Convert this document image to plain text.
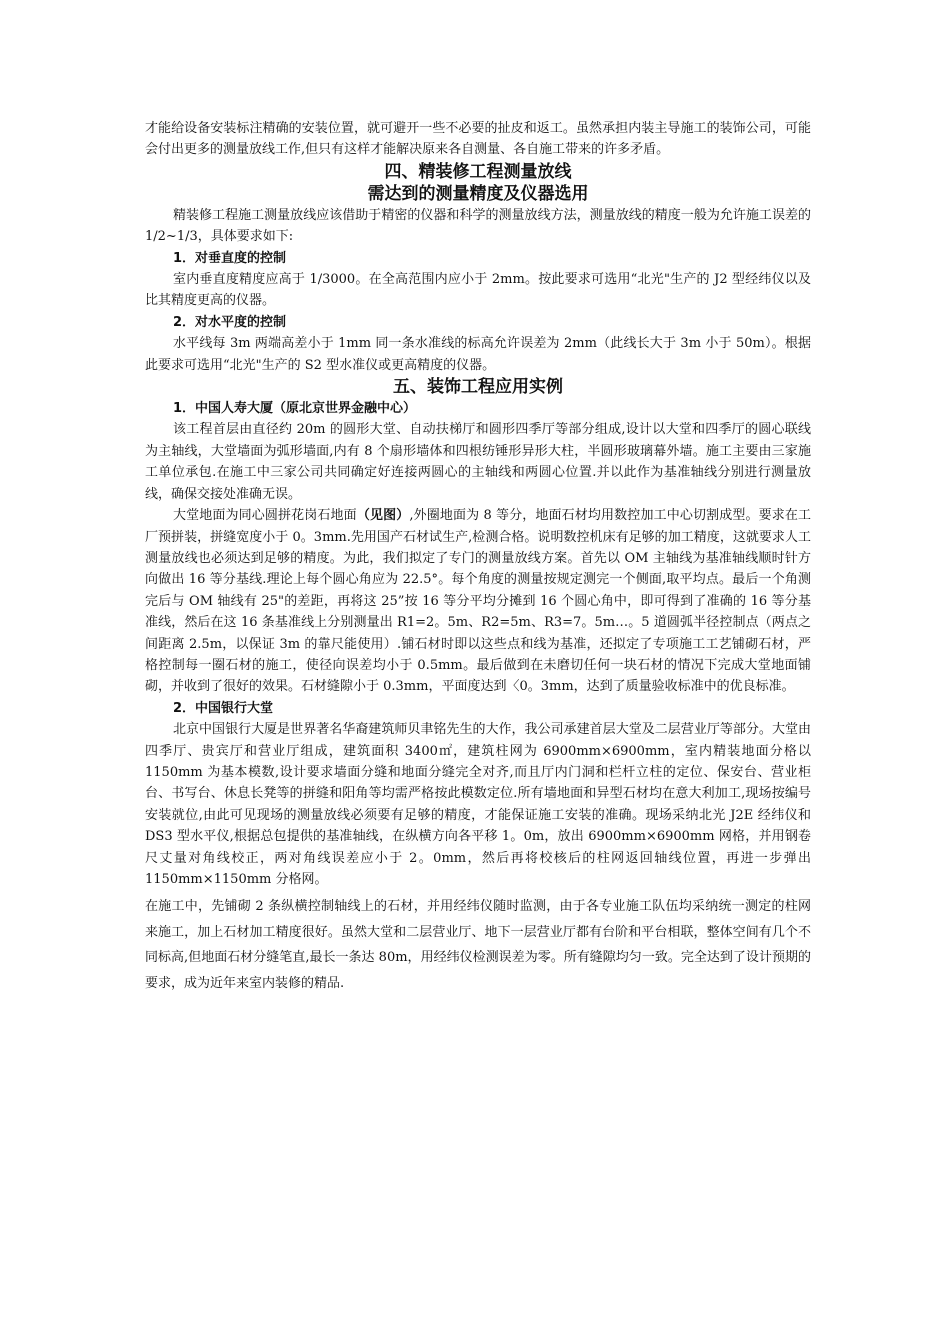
才能给设备安装标注精确的安装位置，就可避开一些不必要的扯皮和返工。虽然承担内装主导施工的装饰公司，可能会付出更多的测量放线工作,但只有这样才能解决原来各自测量、各自施工带来的许多矛盾。

四、精装修工程测量放线

需达到的测量精度及仪器选用

精装修工程施工测量放线应该借助于精密的仪器和科学的测量放线方法，测量放线的精度一般为允许施工误差的 1/2~1/3，具体要求如下:

1．对垂直度的控制

室内垂直度精度应高于 1/3000。在全高范围内应小于 2mm。按此要求可选用“北光"生产的 J2 型经纬仪以及比其精度更高的仪器。

2．对水平度的控制

水平线每 3m 两端高差小于 1mm 同一条水准线的标高允许误差为 2mm（此线长大于 3m 小于 50m）。根据此要求可选用“北光"生产的 S2 型水准仪或更高精度的仪器。

五、装饰工程应用实例

1．中国人寿大厦（原北京世界金融中心）

该工程首层由直径约 20m 的圆形大堂、自动扶梯厅和圆形四季厅等部分组成,设计以大堂和四季厅的圆心联线为主轴线，大堂墙面为弧形墙面,内有 8 个扇形墙体和四根纺锤形异形大柱，半圆形玻璃幕外墙。施工主要由三家施工单位承包.在施工中三家公司共同确定好连接两圆心的主轴线和两圆心位置.并以此作为基准轴线分别进行测量放线，确保交接处准确无误。

大堂地面为同心圆拼花岗石地面（见图）,外圈地面为 8 等分，地面石材均用数控加工中心切割成型。要求在工厂预拼装，拼缝宽度小于 0。3mm.先用国产石材试生产,检测合格。说明数控机床有足够的加工精度，这就要求人工测量放线也必须达到足够的精度。为此，我们拟定了专门的测量放线方案。首先以 OM 主轴线为基准轴线顺时针方向做出 16 等分基线.理论上每个圆心角应为 22.5°。每个角度的测量按规定测完一个侧面,取平均点。最后一个角测完后与 OM 轴线有 25"的差距，再将这 25”按 16 等分平均分摊到 16 个圆心角中，即可得到了准确的 16 等分基准线，然后在这 16 条基准线上分别测量出 R1=2。5m、R2=5m、R3=7。5m…。5 道圆弧半径控制点（两点之间距离 2.5m，以保证 3m 的靠尺能使用）.铺石材时即以这些点和线为基准，还拟定了专项施工工艺铺砌石材，严格控制每一圈石材的施工，使径向误差均小于 0.5mm。最后做到在未磨切任何一块石材的情况下完成大堂地面铺砌，并收到了很好的效果。石材缝隙小于 0.3mm，平面度达到〈0。3mm，达到了质量验收标准中的优良标准。

2．中国银行大堂

北京中国银行大厦是世界著名华裔建筑师贝聿铭先生的大作，我公司承建首层大堂及二层营业厅等部分。大堂由四季厅、贵宾厅和营业厅组成，建筑面积 3400㎡，建筑柱网为 6900mm×6900mm，室内精装地面分格以 1150mm 为基本模数,设计要求墙面分缝和地面分缝完全对齐,而且厅内门洞和栏杆立柱的定位、保安台、营业柜台、书写台、休息长凳等的拼缝和阳角等均需严格按此模数定位.所有墙地面和异型石材均在意大利加工,现场按编号安装就位,由此可见现场的测量放线必须要有足够的精度，才能保证施工安装的准确。现场采纳北光 J2E 经纬仪和 DS3 型水平仪,根据总包提供的基准轴线，在纵横方向各平移 1。0m，放出 6900mm×6900mm 网格，并用钢卷尺丈量对角线校正，两对角线误差应小于 2。0mm，然后再将校核后的柱网返回轴线位置，再进一步弹出 1150mm×1150mm 分格网。

在施工中，先铺砌 2 条纵横控制轴线上的石材，并用经纬仪随时监测，由于各专业施工队伍均采纳统一测定的柱网来施工，加上石材加工精度很好。虽然大堂和二层营业厅、地下一层营业厅都有台阶和平台相联，整体空间有几个不同标高,但地面石材分缝笔直,最长一条达 80m，用经纬仪检测误差为零。所有缝隙均匀一致。完全达到了设计预期的要求，成为近年来室内装修的精品.
